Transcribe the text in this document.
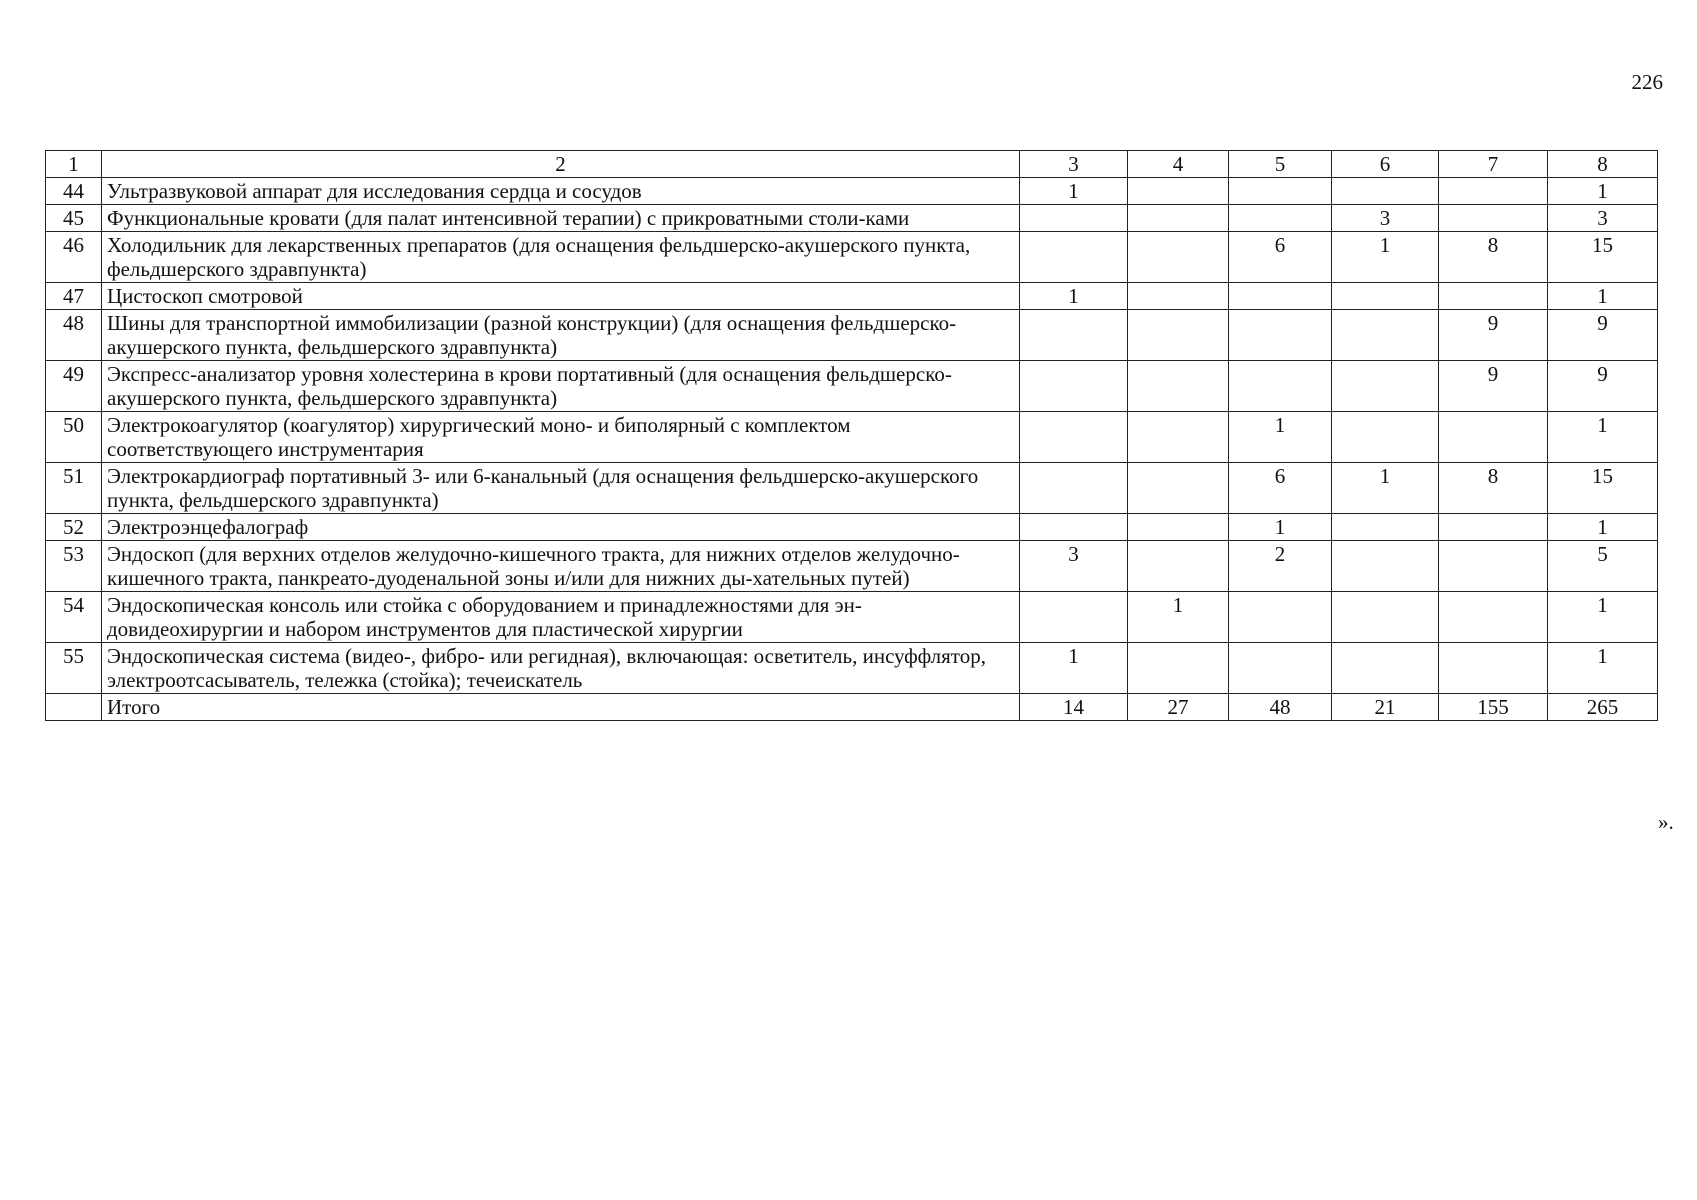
226
1	2	3	4	5	6	7	8
44	Ультразвуковой аппарат для исследования сердца и сосудов	1					1
45	Функциональные кровати (для палат интенсивной терапии) с прикроватными столи-ками				3		3
46	Холодильник для лекарственных препаратов (для оснащения фельдшерско-акушерского пункта, фельдшерского здравпункта)			6	1	8	15
47	Цистоскоп смотровой	1					1
48	Шины для транспортной иммобилизации (разной конструкции) (для оснащения фельдшерско-акушерского пункта, фельдшерского здравпункта)					9	9
49	Экспресс-анализатор уровня холестерина в крови портативный (для оснащения фельдшерско-акушерского пункта, фельдшерского здравпункта)					9	9
50	Электрокоагулятор (коагулятор) хирургический моно- и биполярный с комплектом соответствующего инструментария			1			1
51	Электрокардиограф портативный 3- или 6-канальный (для оснащения фельдшерско-акушерского пункта, фельдшерского здравпункта)			6	1	8	15
52	Электроэнцефалограф			1			1
53	Эндоскоп (для верхних отделов желудочно-кишечного тракта, для нижних отделов желудочно-кишечного тракта, панкреато-дуоденальной зоны и/или для нижних ды-хательных путей)	3		2			5
54	Эндоскопическая консоль или стойка с оборудованием и принадлежностями для эн-довидеохирургии и набором инструментов для пластической хирургии		1				1
55	Эндоскопическая система (видео-, фибро- или регидная), включающая: осветитель, инсуффлятор, электроотсасыватель, тележка (стойка); течеискатель	1					1
	Итого	14	27	48	21	155	265
».
